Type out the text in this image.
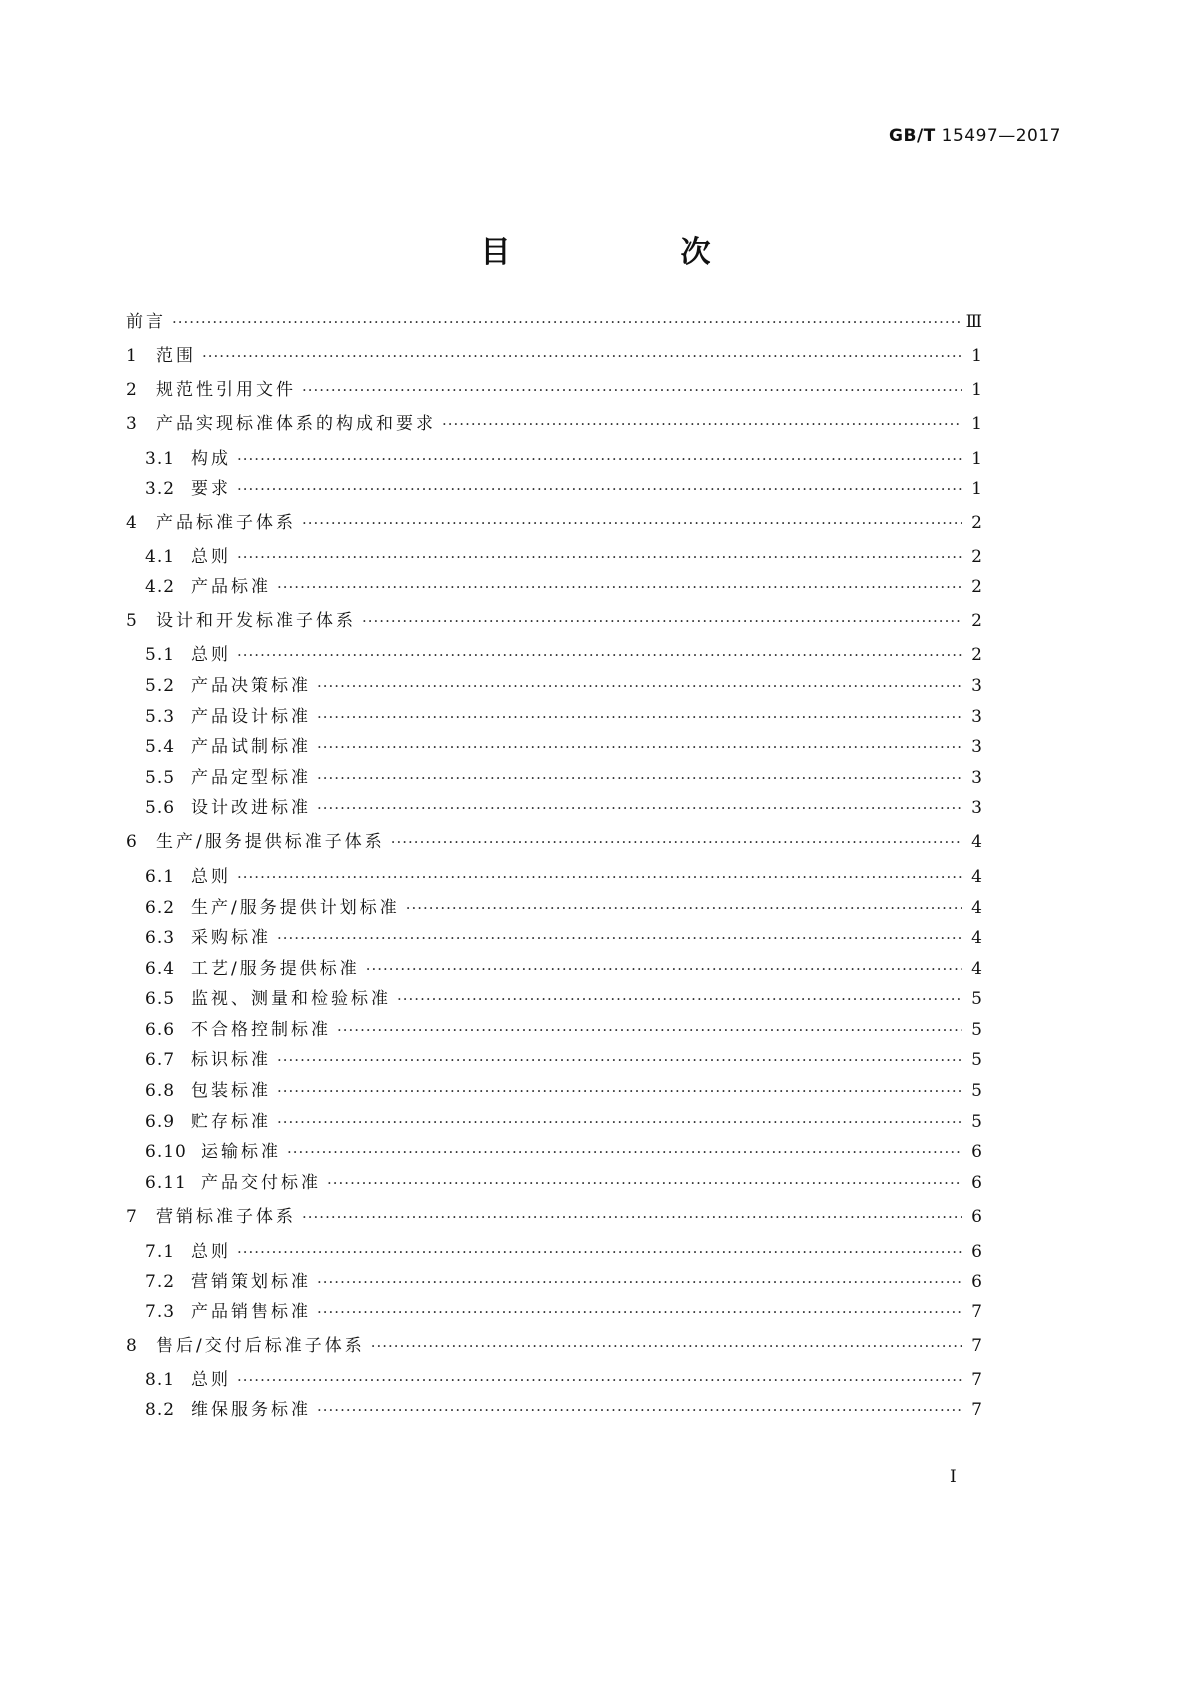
GB/T 15497—2017
目　次
前言 ·····	Ⅲ
1	范围 ·····	1
2	规范性引用文件 ·····	1
3	产品实现标准体系的构成和要求 ·····	1
3.1 构成 ·····	1
3.2 要求 ·····	1
4	产品标准子体系 ·····	2
4.1 总则 ·····	2
4.2 产品标准 ·····	2
5	设计和开发标准子体系 ·····	2
5.1 总则 ·····	2
5.2 产品决策标准 ·····	3
5.3 产品设计标准 ·····	3
5.4 产品试制标准 ·····	3
5.5 产品定型标准 ·····	3
5.6 设计改进标准 ·····	3
6	生产/服务提供标准子体系 ·····	4
6.1 总则 ·····	4
6.2 生产/服务提供计划标准 ·····	4
6.3 采购标准 ·····	4
6.4 工艺/服务提供标准 ·····	4
6.5 监视、测量和检验标准 ·····	5
6.6 不合格控制标准 ·····	5
6.7 标识标准 ·····	5
6.8 包装标准 ·····	5
6.9 贮存标准 ·····	5
6.10 运输标准 ·····	6
6.11 产品交付标准 ·····	6
7	营销标准子体系 ·····	6
7.1 总则 ·····	6
7.2 营销策划标准 ·····	6
7.3 产品销售标准 ·····	7
8	售后/交付后标准子体系 ·····	7
8.1 总则 ·····	7
8.2 维保服务标准 ·····	7
I
